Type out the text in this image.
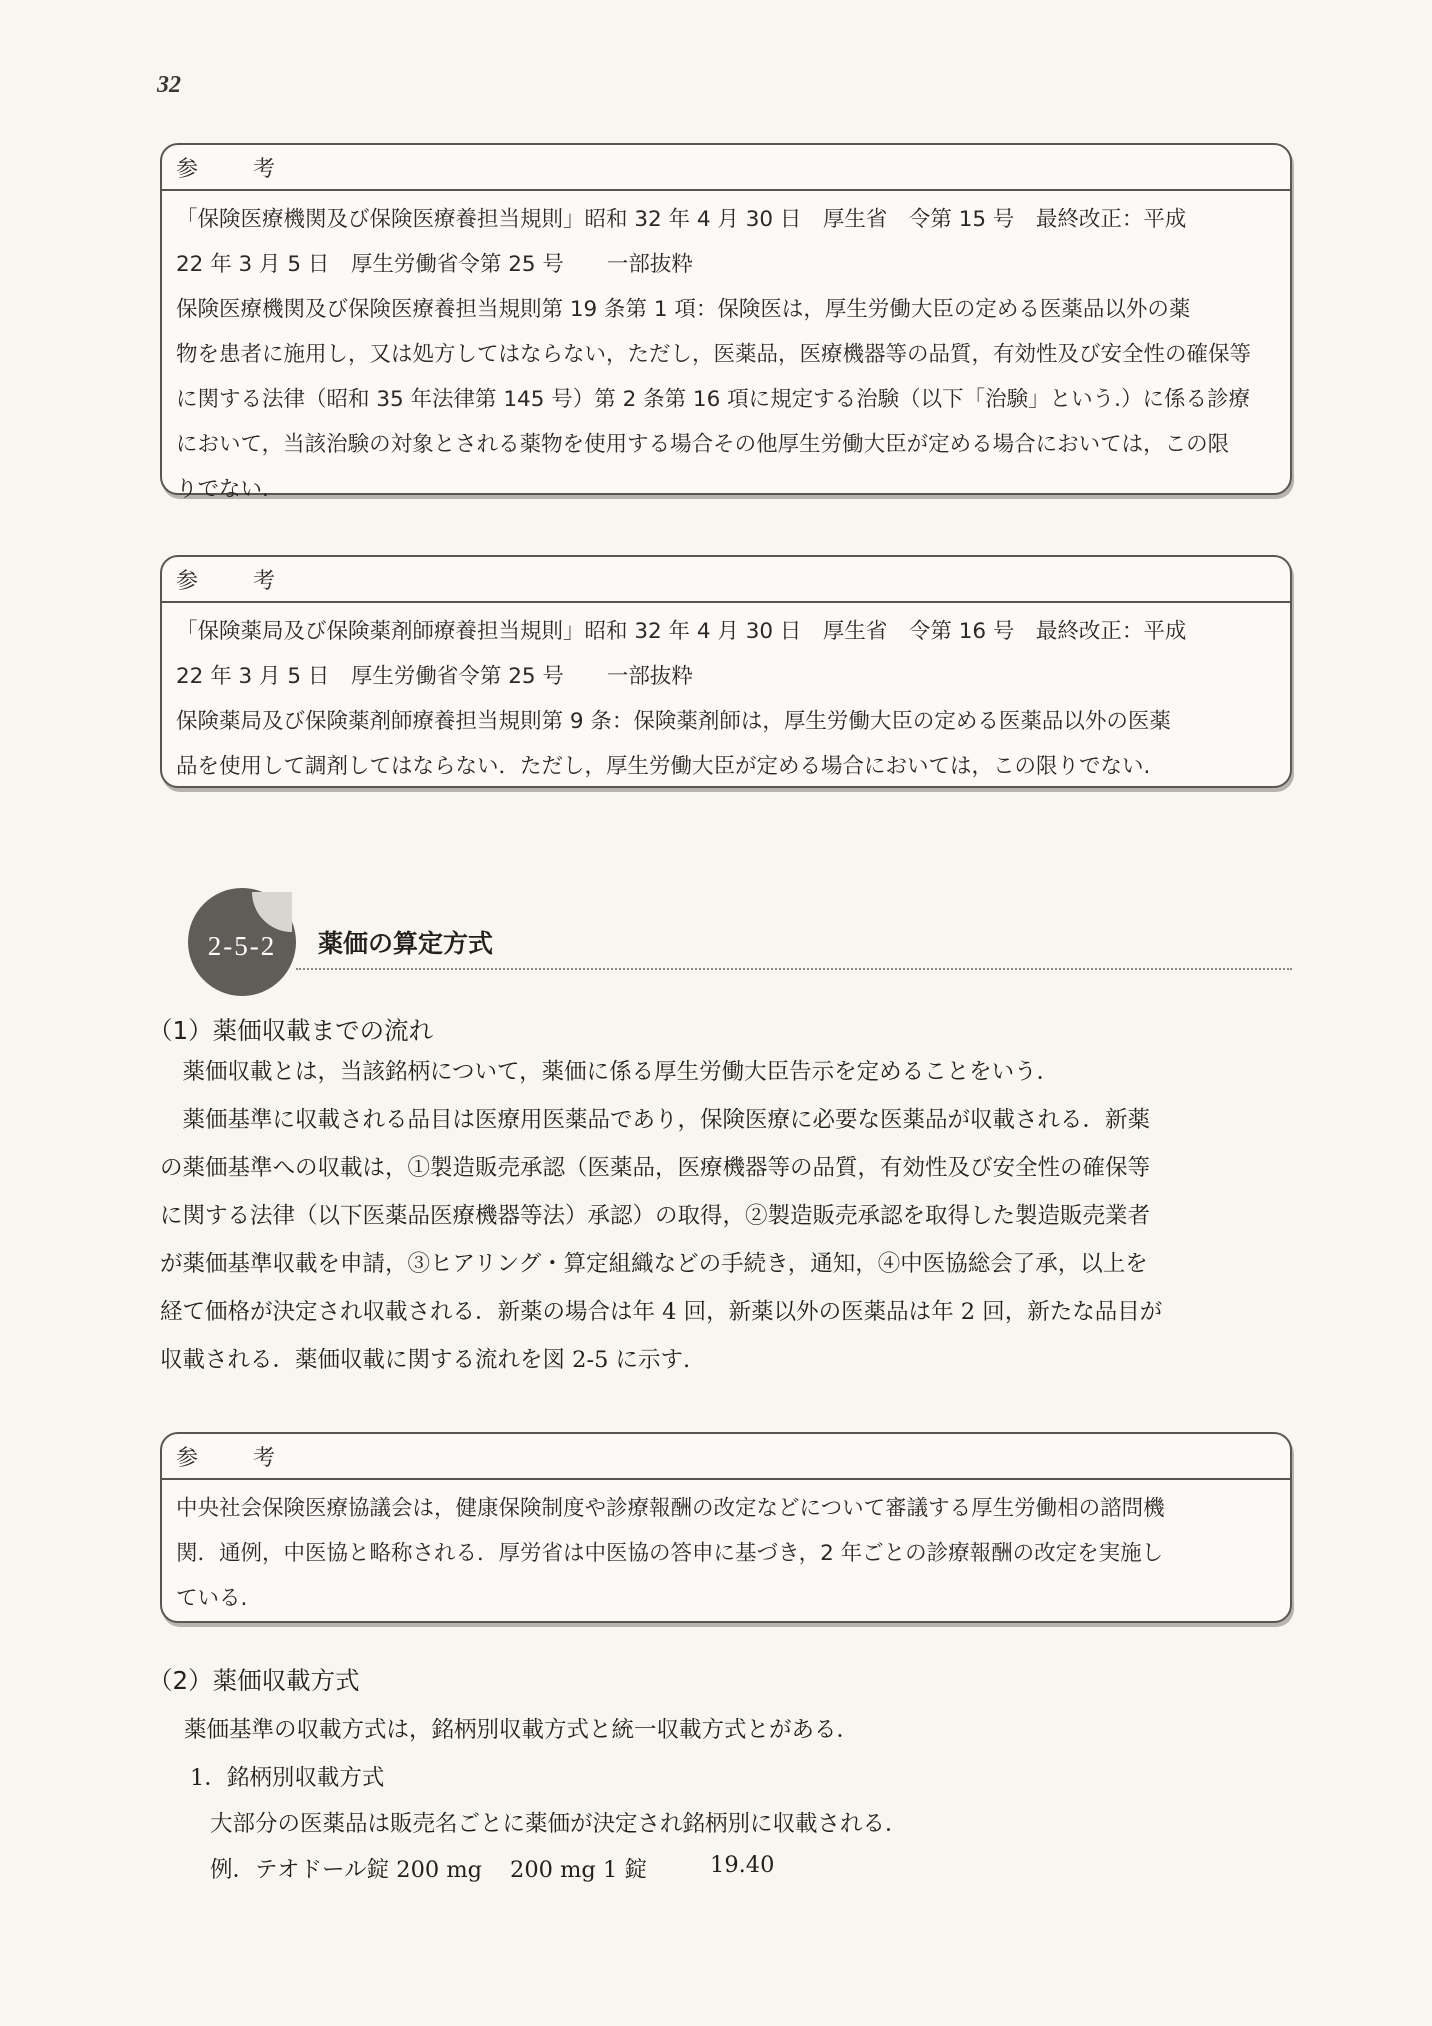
32
参 考
「保険医療機関及び保険医療養担当規則」昭和 32 年 4 月 30 日　厚生省　令第 15 号　最終改正：平成
22 年 3 月 5 日　厚生労働省令第 25 号　　一部抜粋
保険医療機関及び保険医療養担当規則第 19 条第 1 項：保険医は，厚生労働大臣の定める医薬品以外の薬
物を患者に施用し，又は処方してはならない，ただし，医薬品，医療機器等の品質，有効性及び安全性の確保等
に関する法律（昭和 35 年法律第 145 号）第 2 条第 16 項に規定する治験（以下「治験」という.）に係る診療
において，当該治験の対象とされる薬物を使用する場合その他厚生労働大臣が定める場合においては，この限
りでない.
参 考
「保険薬局及び保険薬剤師療養担当規則」昭和 32 年 4 月 30 日　厚生省　令第 16 号　最終改正：平成
22 年 3 月 5 日　厚生労働省令第 25 号　　一部抜粋
保険薬局及び保険薬剤師療養担当規則第 9 条：保険薬剤師は，厚生労働大臣の定める医薬品以外の医薬
品を使用して調剤してはならない．ただし，厚生労働大臣が定める場合においては，この限りでない.
2-5-2 薬価の算定方式
（1）薬価収載までの流れ
　薬価収載とは，当該銘柄について，薬価に係る厚生労働大臣告示を定めることをいう．
　薬価基準に収載される品目は医療用医薬品であり，保険医療に必要な医薬品が収載される．新薬
の薬価基準への収載は，①製造販売承認（医薬品，医療機器等の品質，有効性及び安全性の確保等
に関する法律（以下医薬品医療機器等法）承認）の取得，②製造販売承認を取得した製造販売業者
が薬価基準収載を申請，③ヒアリング・算定組織などの手続き，通知，④中医協総会了承，以上を
経て価格が決定され収載される．新薬の場合は年 4 回，新薬以外の医薬品は年 2 回，新たな品目が
収載される．薬価収載に関する流れを図 2-5 に示す.
参 考
中央社会保険医療協議会は，健康保険制度や診療報酬の改定などについて審議する厚生労働相の諮問機
関．通例，中医協と略称される．厚労省は中医協の答申に基づき，2 年ごとの診療報酬の改定を実施し
ている.
（2）薬価収載方式
薬価基準の収載方式は，銘柄別収載方式と統一収載方式とがある．
1．銘柄別収載方式
大部分の医薬品は販売名ごとに薬価が決定され銘柄別に収載される．
例．テオドール錠 200 mg	200 mg 1 錠	19.40
